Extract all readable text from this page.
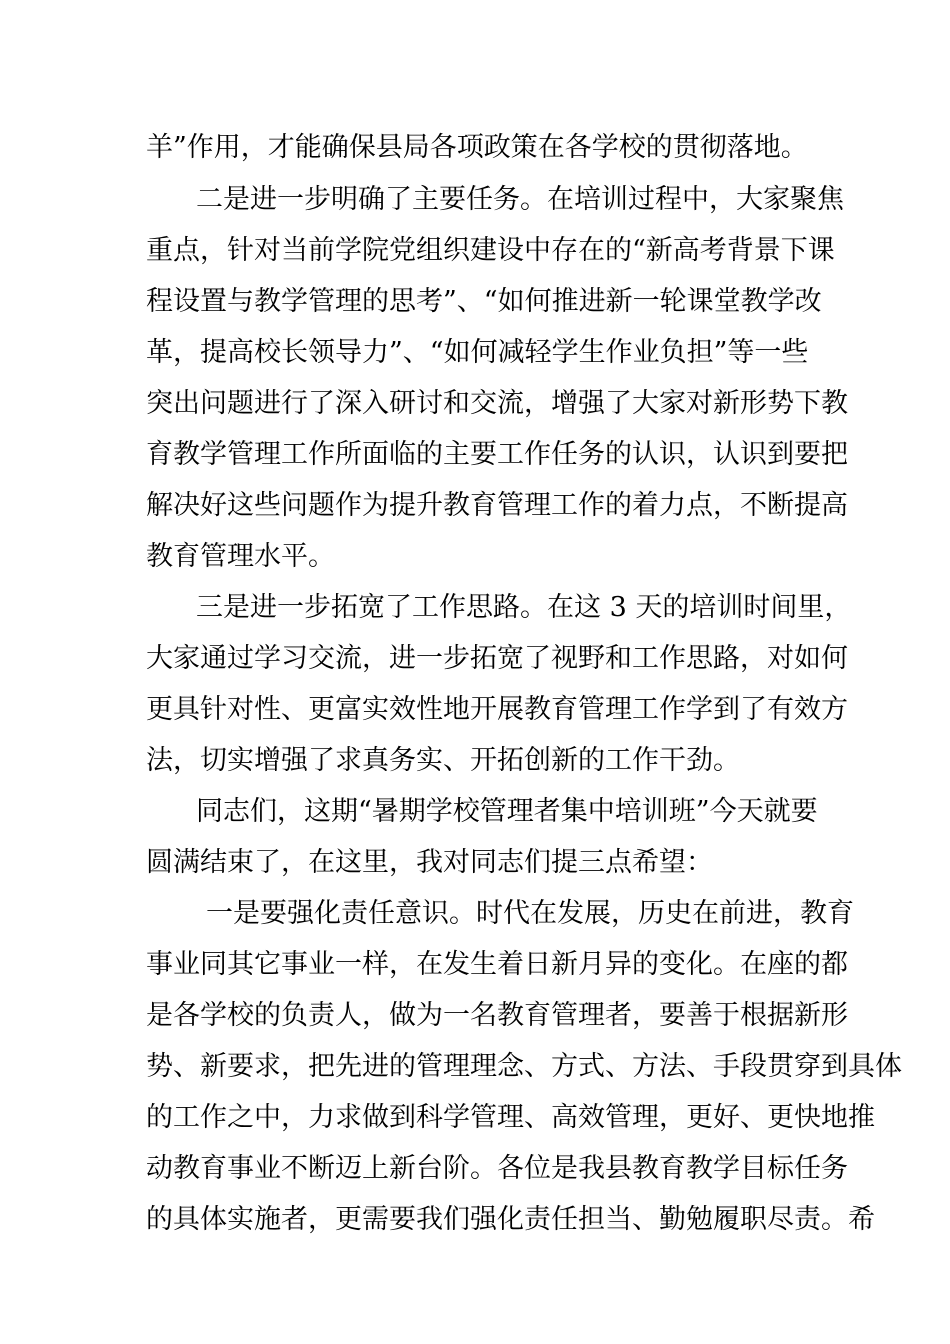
羊”作用，才能确保县局各项政策在各学校的贯彻落地。
二是进一步明确了主要任务。在培训过程中，大家聚焦
重点，针对当前学院党组织建设中存在的“新高考背景下课
程设置与教学管理的思考”、“如何推进新一轮课堂教学改
革，提高校长领导力”、“如何减轻学生作业负担”等一些
突出问题进行了深入研讨和交流，增强了大家对新形势下教
育教学管理工作所面临的主要工作任务的认识，认识到要把
解决好这些问题作为提升教育管理工作的着力点，不断提高
教育管理水平。
三是进一步拓宽了工作思路。在这 3 天的培训时间里，
大家通过学习交流，进一步拓宽了视野和工作思路，对如何
更具针对性、更富实效性地开展教育管理工作学到了有效方
法，切实增强了求真务实、开拓创新的工作干劲。
同志们，这期“暑期学校管理者集中培训班”今天就要
圆满结束了，在这里，我对同志们提三点希望：
一是要强化责任意识。时代在发展，历史在前进，教育
事业同其它事业一样，在发生着日新月异的变化。在座的都
是各学校的负责人，做为一名教育管理者，要善于根据新形
势、新要求，把先进的管理理念、方式、方法、手段贯穿到具体
的工作之中，力求做到科学管理、高效管理，更好、更快地推
动教育事业不断迈上新台阶。各位是我县教育教学目标任务
的具体实施者，更需要我们强化责任担当、勤勉履职尽责。希
